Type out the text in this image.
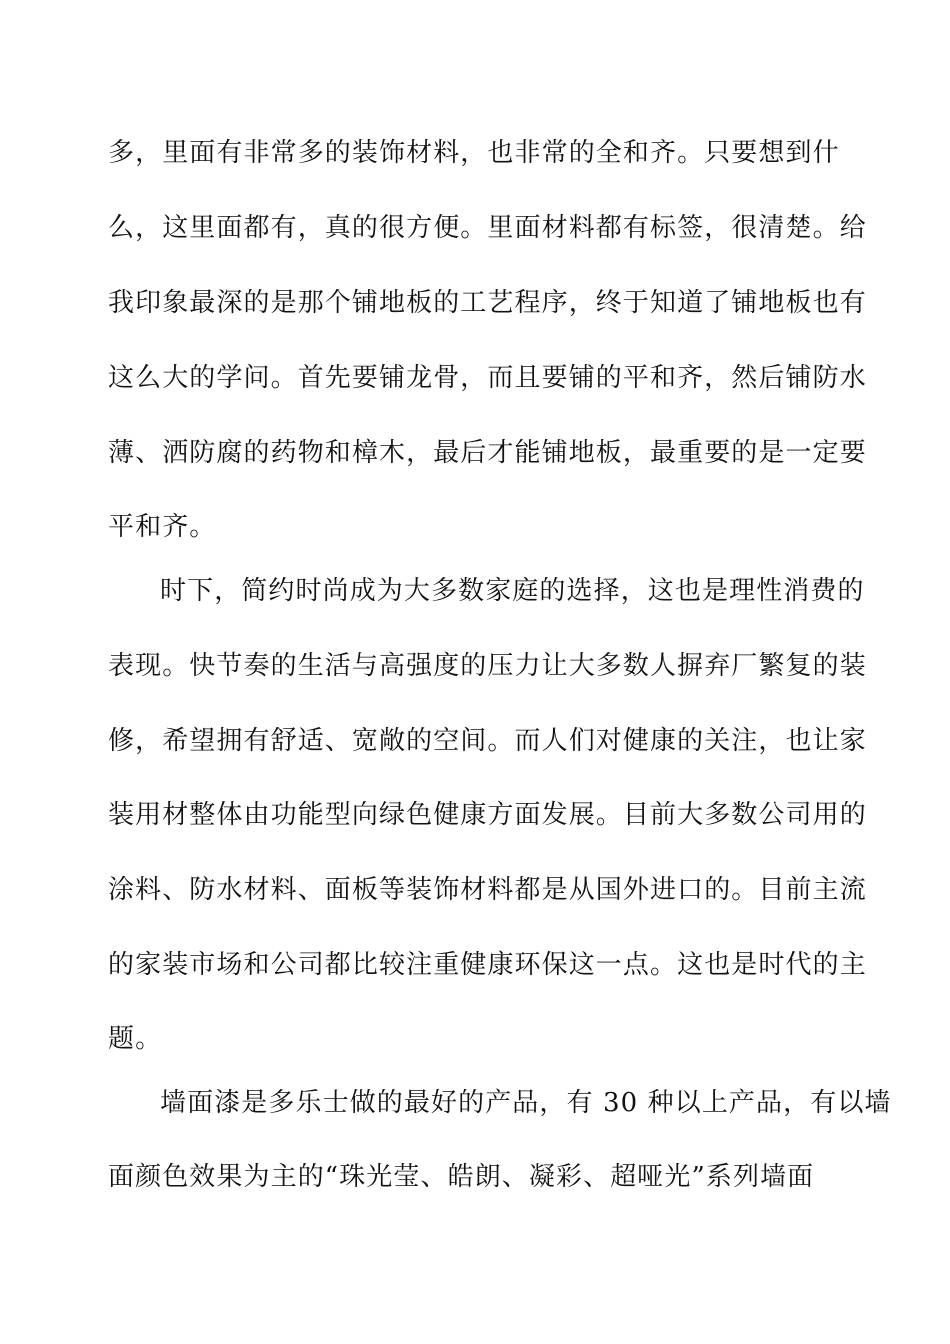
多，里面有非常多的装饰材料，也非常的全和齐。只要想到什
么，这里面都有，真的很方便。里面材料都有标签，很清楚。给
我印象最深的是那个铺地板的工艺程序，终于知道了铺地板也有
这么大的学问。首先要铺龙骨，而且要铺的平和齐，然后铺防水
薄、洒防腐的药物和樟木，最后才能铺地板，最重要的是一定要
平和齐。
时下，简约时尚成为大多数家庭的选择，这也是理性消费的
表现。快节奏的生活与高强度的压力让大多数人摒弃厂繁复的装
修，希望拥有舒适、宽敞的空间。而人们对健康的关注，也让家
装用材整体由功能型向绿色健康方面发展。目前大多数公司用的
涂料、防水材料、面板等装饰材料都是从国外进口的。目前主流
的家装市场和公司都比较注重健康环保这一点。这也是时代的主
题。
墙面漆是多乐士做的最好的产品，有 30 种以上产品，有以墙
面颜色效果为主的“珠光莹、皓朗、凝彩、超哑光”系列墙面
